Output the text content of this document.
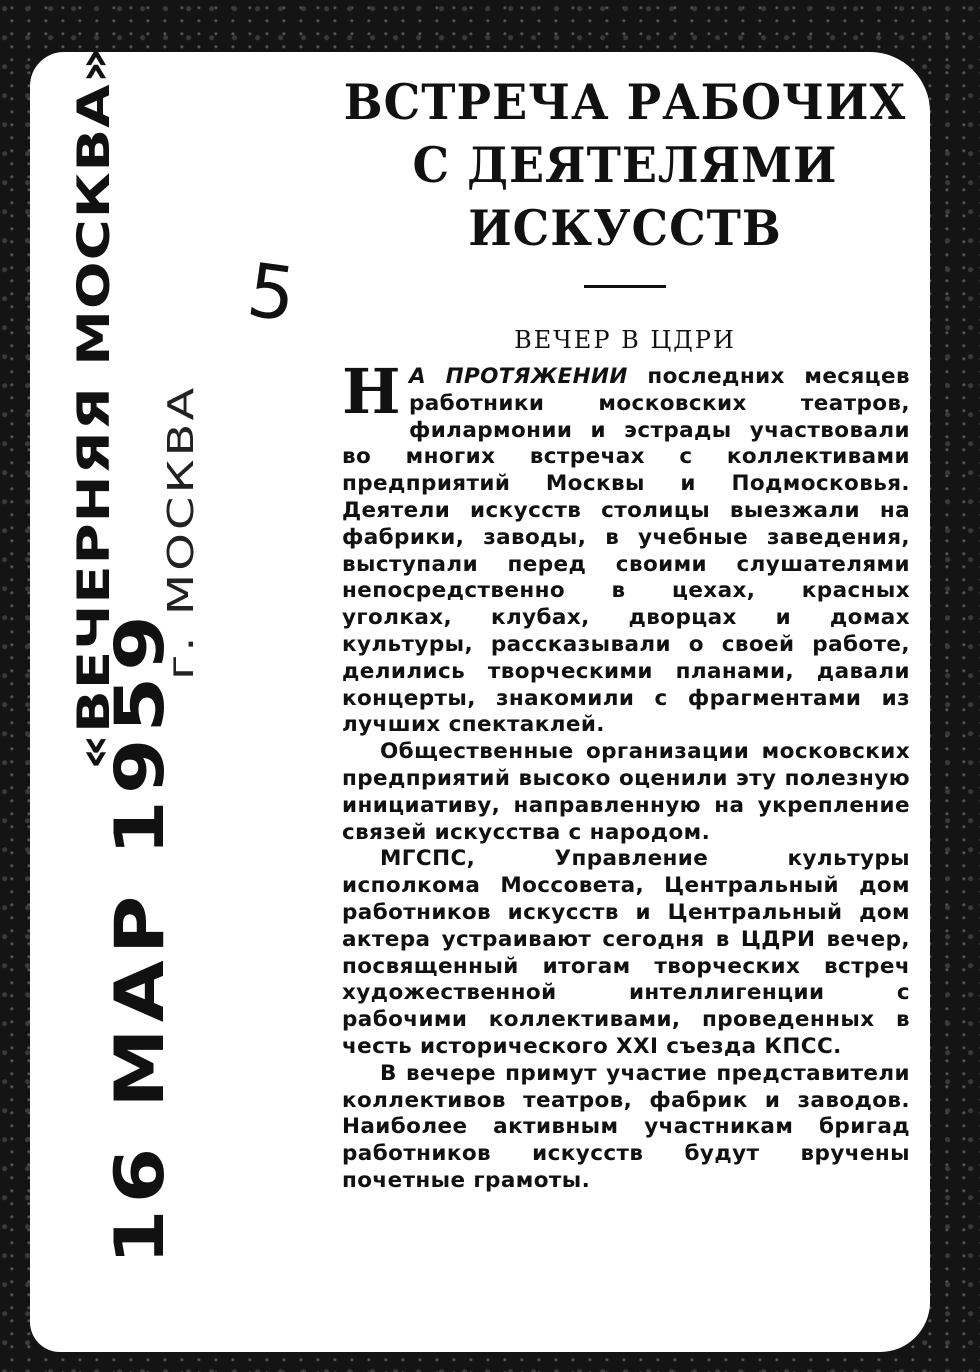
«ВЕЧЕРНЯЯ МОСКВА» г. МОСКВА
16 МАР 1959
5
ВСТРЕЧА РАБОЧИХ
С ДЕЯТЕЛЯМИ
ИСКУССТВ
ВЕЧЕР В ЦДРИ

Н А ПРОТЯЖЕНИИ последних месяцев работники московских театров, филармонии и эстрады участвовали во многих встречах с коллективами предприятий Москвы и Подмосковья. Деятели искусств столицы выезжали на фабрики, заводы, в учебные заведения, выступали перед своими слушателями непосредственно в цехах, красных уголках, клубах, дворцах и домах культуры, рассказывали о своей работе, делились творческими планами, давали концерты, знакомили с фрагментами из лучших спектаклей.

Общественные организации московских предприятий высоко оценили эту полезную инициативу, направленную на укрепление связей искусства с народом.

МГСПС, Управление культуры исполкома Моссовета, Центральный дом работников искусств и Центральный дом актера устраивают сегодня в ЦДРИ вечер, посвященный итогам творческих встреч художественной интеллигенции с рабочими коллективами, проведенных в честь исторического XXI съезда КПСС.

В вечере примут участие представители коллективов театров, фабрик и заводов. Наиболее активным участникам бригад работников искусств будут вручены почетные грамоты.
